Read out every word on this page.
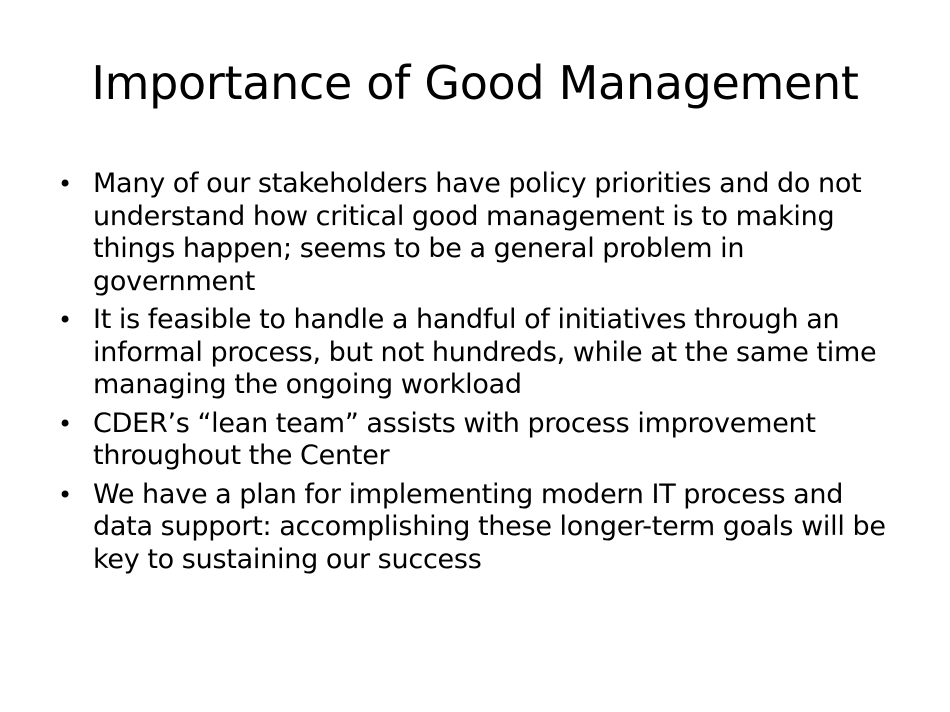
Importance of Good Management
• Many of our stakeholders have policy priorities and do not understand how critical good management is to making things happen; seems to be a general problem in government
• It is feasible to handle a handful of initiatives through an informal process, but not hundreds, while at the same time managing the ongoing workload
• CDER’s “lean team” assists with process improvement throughout the Center
• We have a plan for implementing modern IT process and data support: accomplishing these longer-term goals will be key to sustaining our success
